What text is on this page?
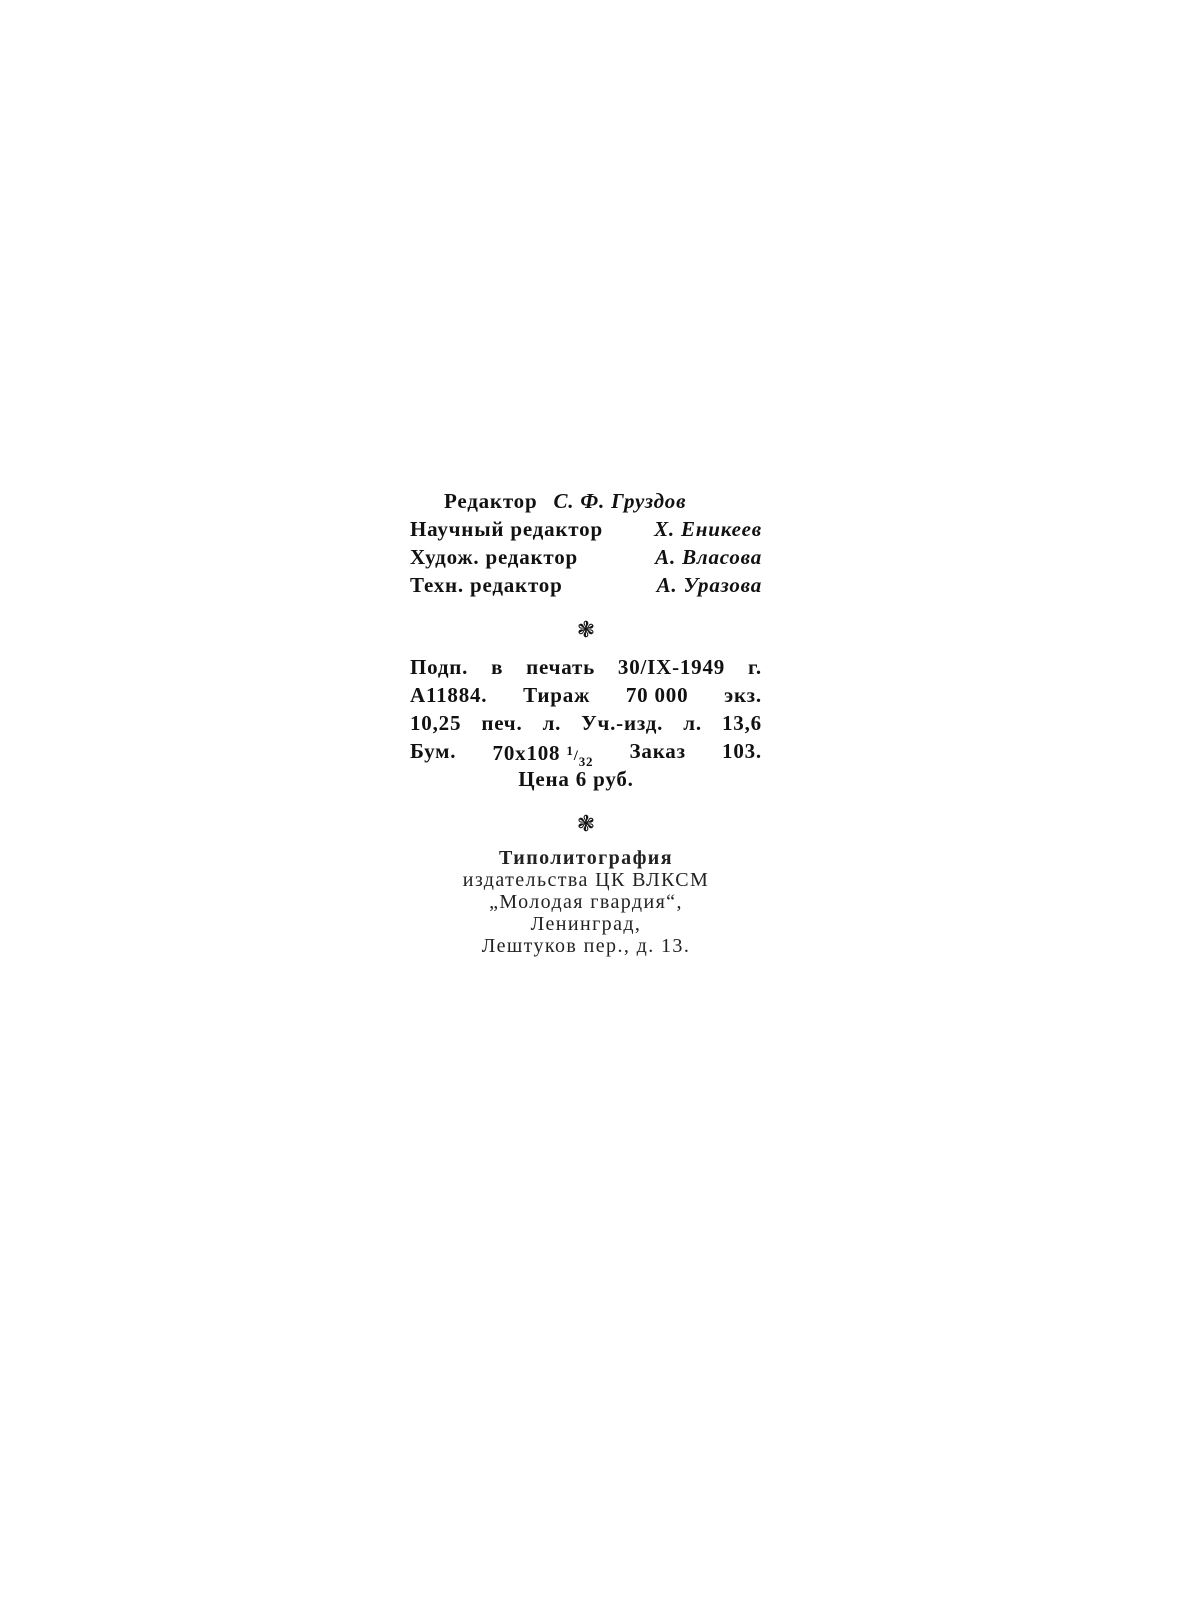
Редактор С. Ф. Груздов
Научный редактор Х. Еникеев
Худож. редактор	А. Власова
Техн. редактор	А. Уразова
❃
Подп. в печать 30/IX-1949 г.
А11884. Тираж 70 000 экз.
10,25 печ. л. Уч.-изд. л. 13,6
Бум. 70x108 $^1/_{32}$ Заказ 103.
Цена 6 руб.
❃
Типолитография
издательства ЦК ВЛКСМ
„Молодая гвардия“,
Ленинград,
Лештуков пер., д. 13.
